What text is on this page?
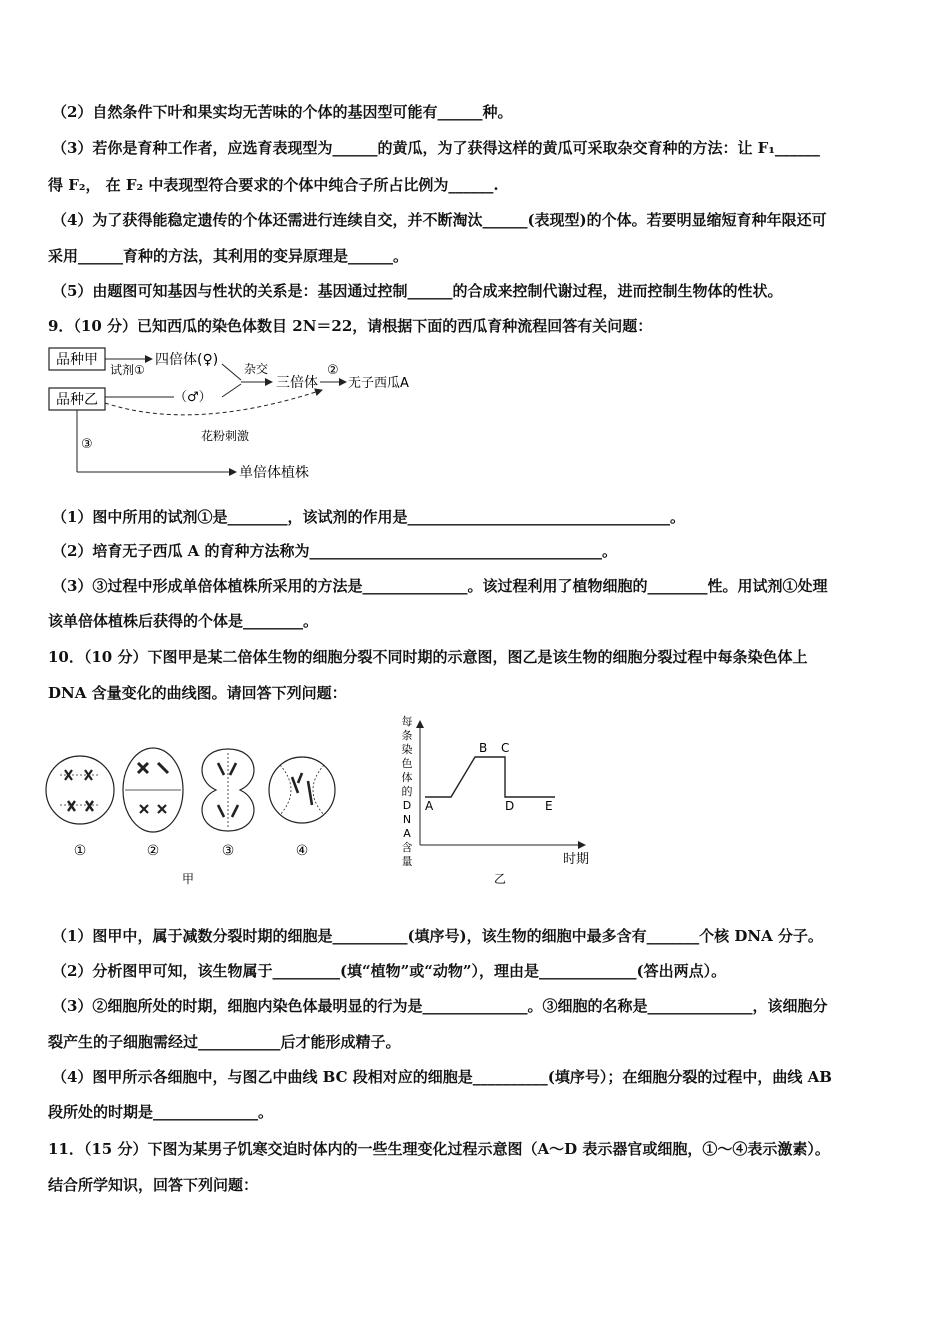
（2）自然条件下叶和果实均无苦味的个体的基因型可能有______种。
（3）若你是育种工作者，应选育表现型为______的黄瓜，为了获得这样的黄瓜可采取杂交育种的方法：让 F₁______
得 F₂， 在 F₂ 中表现型符合要求的个体中纯合子所占比例为______.
（4）为了获得能稳定遗传的个体还需进行连续自交，并不断淘汰______(表现型)的个体。若要明显缩短育种年限还可
采用______育种的方法，其利用的变异原理是______。
（5）由题图可知基因与性状的关系是：基因通过控制______的合成来控制代谢过程，进而控制生物体的性状。
9．（10 分）已知西瓜的染色体数目 2N＝22，请根据下面的西瓜育种流程回答有关问题：
品种甲
品种乙
四倍体(♀)
试剂①
（♂）
杂交
三倍体
②
无子西瓜A
花粉刺激
③
单倍体植株
（1）图中所用的试剂①是________，该试剂的作用是___________________________________。
（2）培育无子西瓜 A 的育种方法称为_______________________________________。
（3）③过程中形成单倍体植株所采用的方法是______________。该过程利用了植物细胞的________性。用试剂①处理
该单倍体植株后获得的个体是________。
10．（10 分）下图甲是某二倍体生物的细胞分裂不同时期的示意图，图乙是该生物的细胞分裂过程中每条染色体上
DNA 含量变化的曲线图。请回答下列问题：
①	②	③	④
甲
每
条
染
色
体
的
D
N
A
含
量
A
B C
D	E
时期
乙
（1）图甲中，属于减数分裂时期的细胞是__________(填序号)，该生物的细胞中最多含有_______个核 DNA 分子。
（2）分析图甲可知，该生物属于_________(填“植物”或“动物”），理由是_____________(答出两点）。
（3）②细胞所处的时期，细胞内染色体最明显的行为是______________。③细胞的名称是______________，该细胞分
裂产生的子细胞需经过___________后才能形成精子。
（4）图甲所示各细胞中，与图乙中曲线 BC 段相对应的细胞是__________(填序号）；在细胞分裂的过程中，曲线 AB
段所处的时期是______________。
11．（15 分）下图为某男子饥寒交迫时体内的一些生理变化过程示意图（A～D 表示器官或细胞，①～④表示激素）。
结合所学知识，回答下列问题：
